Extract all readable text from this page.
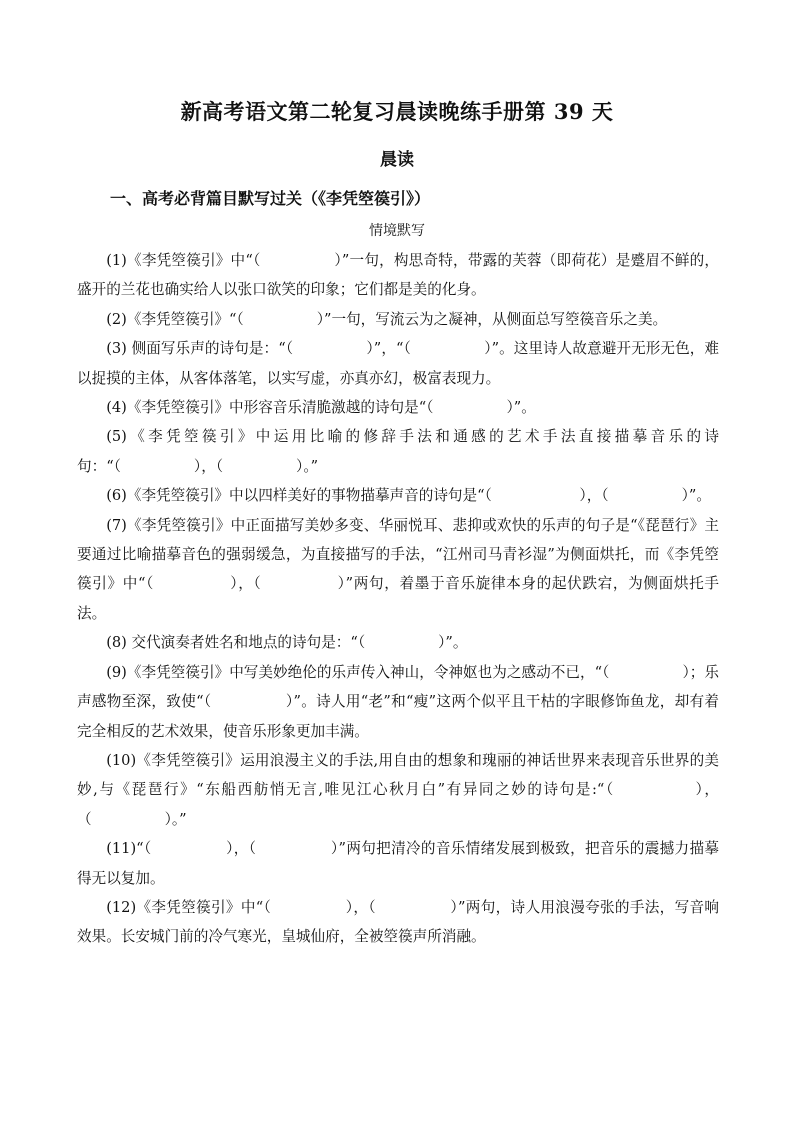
新高考语文第二轮复习晨读晚练手册第 39 天
晨读
一、高考必背篇目默写过关（《李凭箜篌引》）
情境默写

(1)《李凭箜篌引》中“（　　　　　）”一句，构思奇特，带露的芙蓉（即荷花）是蹙眉不鲜的，盛开的兰花也确实给人以张口欲笑的印象；它们都是美的化身。

(2)《李凭箜篌引》“（　　　　　）”一句，写流云为之凝神，从侧面总写箜篌音乐之美。

(3) 侧面写乐声的诗句是：“（　　　　　）”，“（　　　　　）”。这里诗人故意避开无形无色，难以捉摸的主体，从客体落笔，以实写虚，亦真亦幻，极富表现力。

(4)《李凭箜篌引》中形容音乐清脆激越的诗句是“（　　　　　）”。

(5)《李凭箜篌引》中运用比喻的修辞手法和通感的艺术手法直接描摹音乐的诗句：“（　　　　　），（　　　　　）。”

(6)《李凭箜篌引》中以四样美好的事物描摹声音的诗句是“（　　　　　　），（　　　　　）”。

(7)《李凭箜篌引》中正面描写美妙多变、华丽悦耳、悲抑或欢快的乐声的句子是“《琵琶行》主要通过比喻描摹音色的强弱缓急，为直接描写的手法，“江州司马青衫湿”为侧面烘托，而《李凭箜篌引》中“（　　　　　），（　　　　　）”两句，着墨于音乐旋律本身的起伏跌宕，为侧面烘托手法。

(8) 交代演奏者姓名和地点的诗句是：“（　　　　　）”。

(9)《李凭箜篌引》中写美妙绝伦的乐声传入神山，令神妪也为之感动不已，“（　　　　　）；乐声感物至深，致使“（　　　　　）”。诗人用“老”和“瘦”这两个似平且干枯的字眼修饰鱼龙，却有着完全相反的艺术效果，使音乐形象更加丰满。

(10)《李凭箜篌引》运用浪漫主义的手法,用自由的想象和瑰丽的神话世界来表现音乐世界的美妙,与《琵琶行》“东船西舫悄无言,唯见江心秋月白”有异同之妙的诗句是:“（　　　　　），（　　　　　）。”

(11)“（　　　　　），（　　　　　）”两句把清冷的音乐情绪发展到极致，把音乐的震撼力描摹得无以复加。

(12)《李凭箜篌引》中“（　　　　　），（　　　　　）”两句，诗人用浪漫夸张的手法，写音响效果。长安城门前的冷气寒光，皇城仙府，全被箜篌声所消融。
